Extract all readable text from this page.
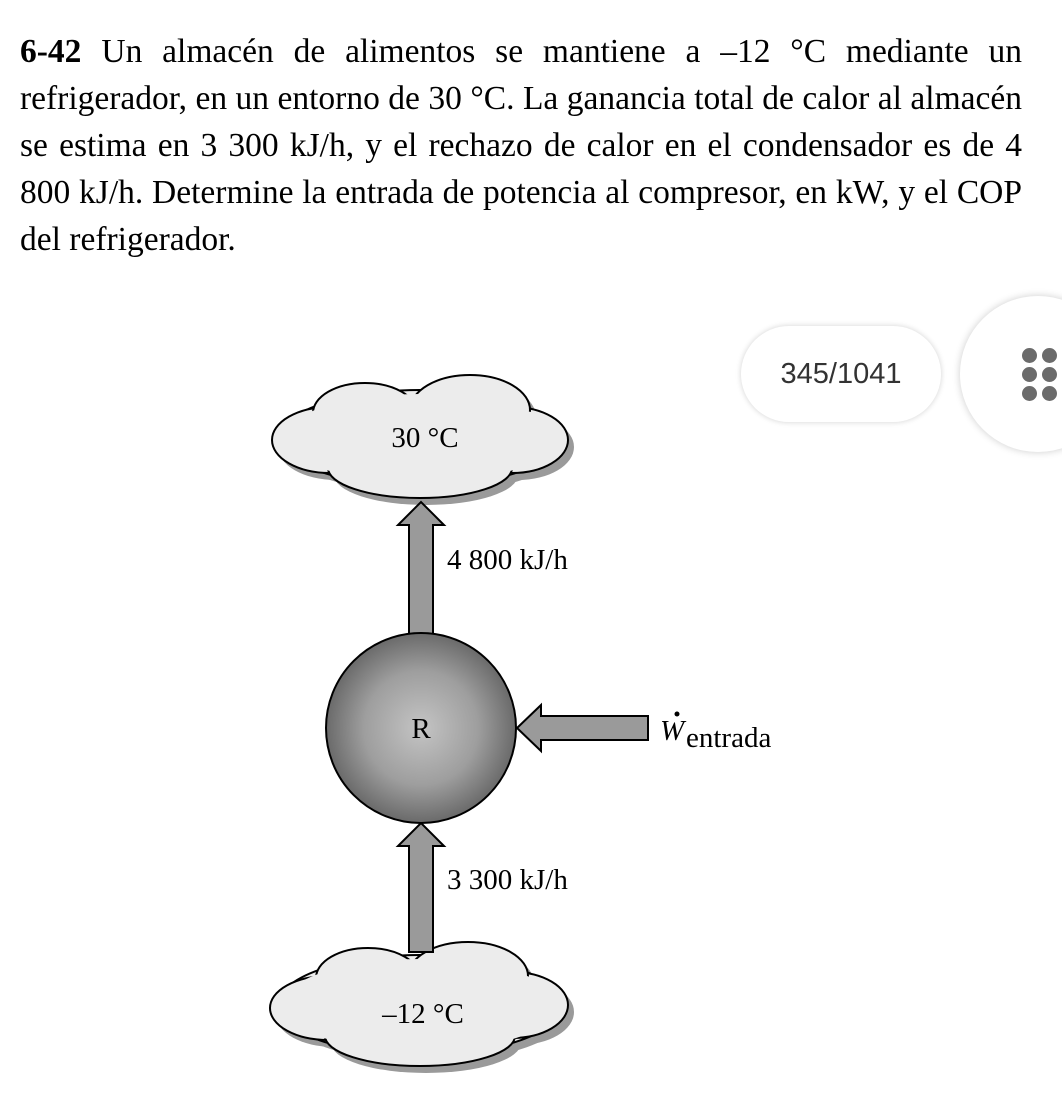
6-42 Un almacén de alimentos se mantiene a –12 °C mediante un refrigerador, en un entorno de 30 °C. La ganancia total de calor al almacén se estima en 3 300 kJ/h, y el rechazo de calor en el condensador es de 4 800 kJ/h. Determine la entrada de potencia al compresor, en kW, y el COP del refrigerador.

30 °C
–12 °C
4 800 kJ/h
3 300 kJ/h
R	W entrada
345/1041
